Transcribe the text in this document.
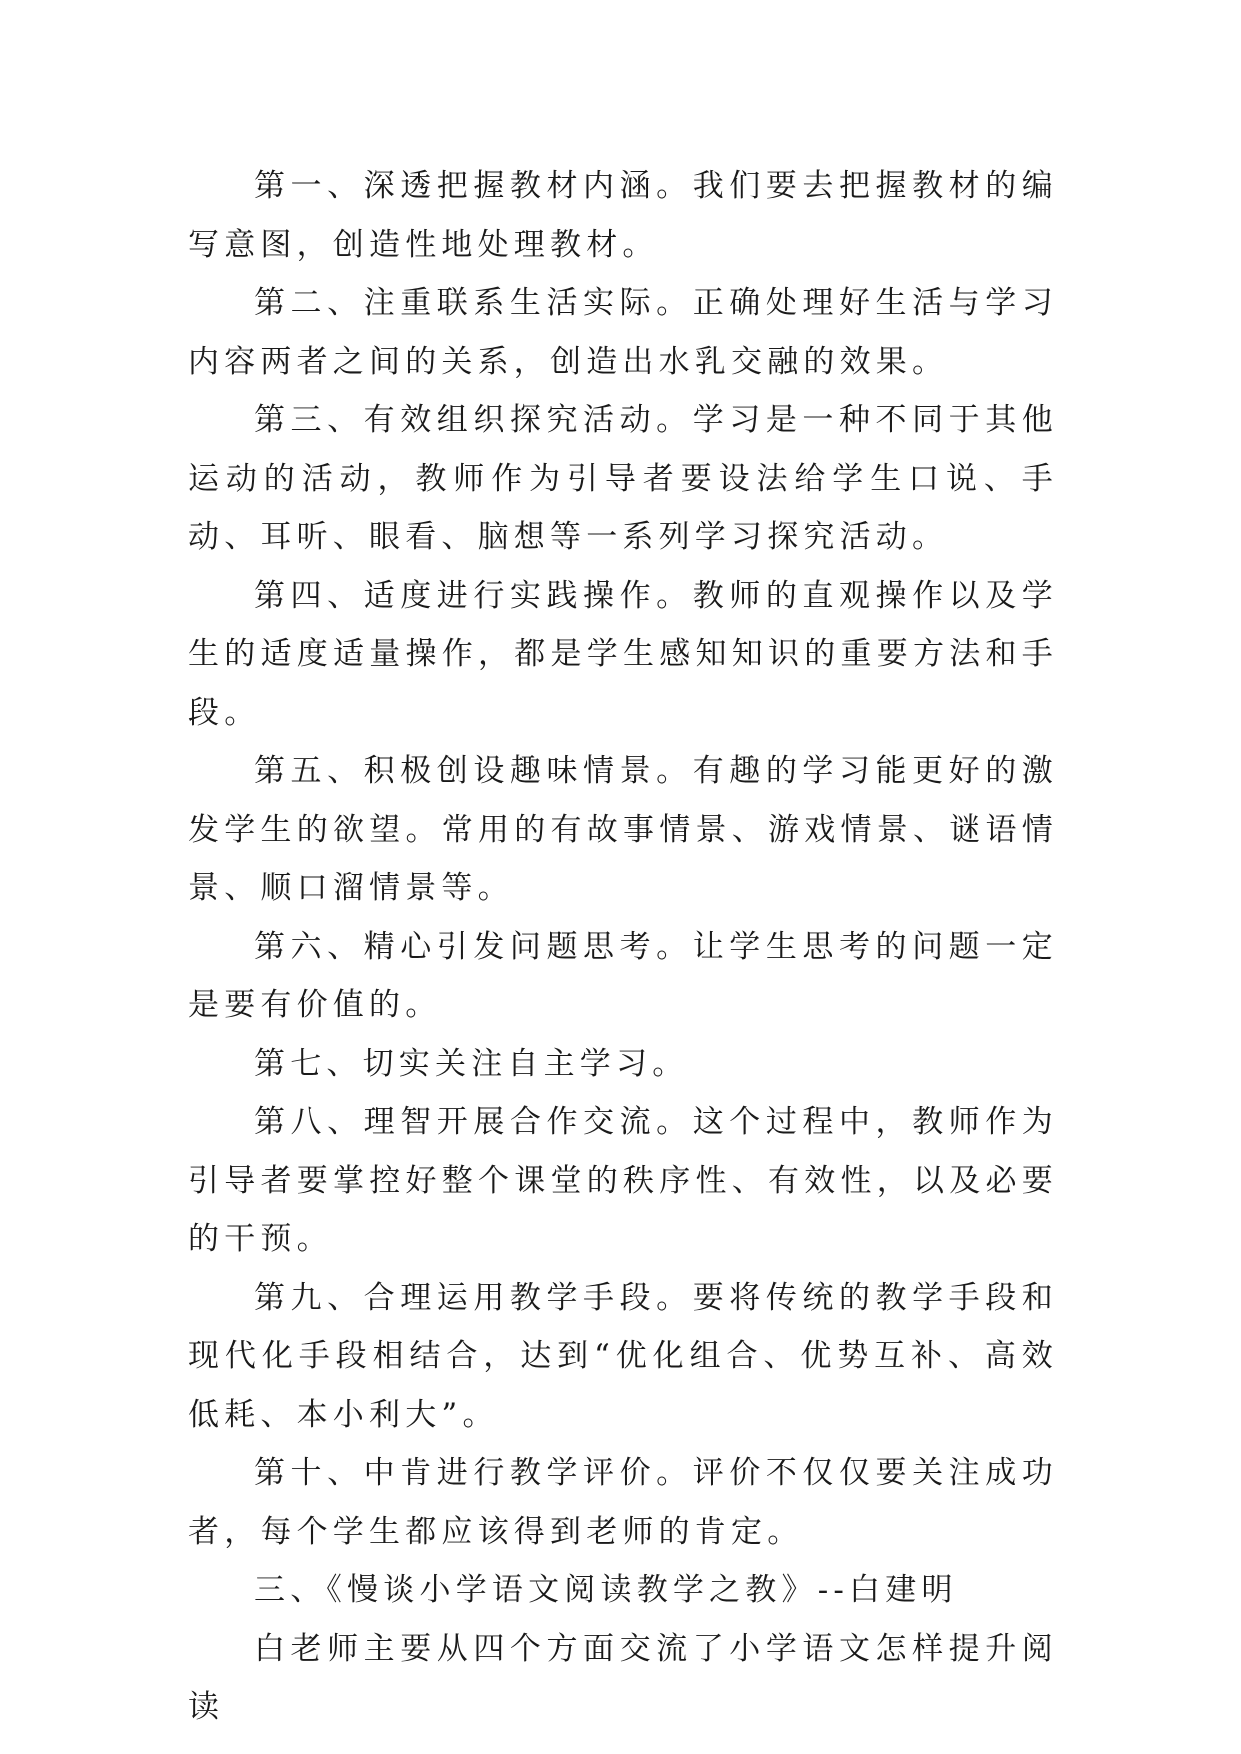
第一、深透把握教材内涵。我们要去把握教材的编写意图，创造性地处理教材。

第二、注重联系生活实际。正确处理好生活与学习内容两者之间的关系，创造出水乳交融的效果。

第三、有效组织探究活动。学习是一种不同于其他运动的活动，教师作为引导者要设法给学生口说、手动、耳听、眼看、脑想等一系列学习探究活动。

第四、适度进行实践操作。教师的直观操作以及学生的适度适量操作，都是学生感知知识的重要方法和手段。

第五、积极创设趣味情景。有趣的学习能更好的激发学生的欲望。常用的有故事情景、游戏情景、谜语情景、顺口溜情景等。

第六、精心引发问题思考。让学生思考的问题一定是要有价值的。

第七、切实关注自主学习。

第八、理智开展合作交流。这个过程中，教师作为引导者要掌控好整个课堂的秩序性、有效性，以及必要的干预。

第九、合理运用教学手段。要将传统的教学手段和现代化手段相结合，达到“优化组合、优势互补、高效低耗、本小利大”。

第十、中肯进行教学评价。评价不仅仅要关注成功者，每个学生都应该得到老师的肯定。

三、《慢谈小学语文阅读教学之教》--白建明

白老师主要从四个方面交流了小学语文怎样提升阅读
